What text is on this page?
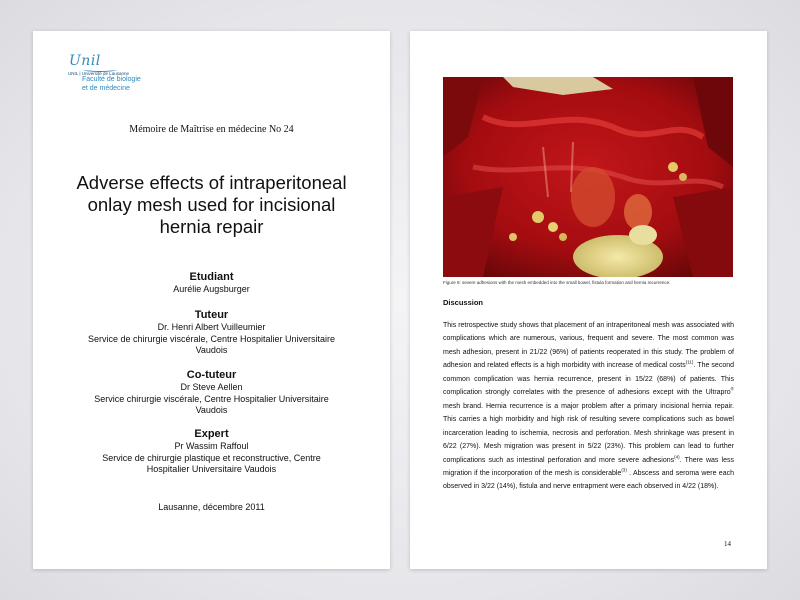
Unil
UNIL | Université de Lausanne
Faculté de biologie
et de médecine
Mémoire de Maîtrise en médecine No 24
Adverse effects of intraperitoneal
onlay mesh used for incisional
hernia repair
Etudiant
Aurélie Augsburger
Tuteur
Dr. Henri Albert Vuilleumier
Service de chirurgie viscérale, Centre Hospitalier Universitaire
Vaudois
Co-tuteur
Dr Steve Aellen
Service chirurgie viscérale, Centre Hospitalier Universitaire
Vaudois
Expert
Pr Wassim Raffoul
Service de chirurgie plastique et reconstructive, Centre
Hospitalier Universitaire Vaudois
Lausanne, décembre 2011
Figure 8: severe adhesions with the mesh embedded into the small bowel, fistula formation and hernia recurrence.
Discussion
This retrospective study shows that placement of an intraperitoneal mesh was associated with complications which are numerous, various, frequent and severe. The most common was mesh adhesion, present in 21/22 (96%) of patients reoperated in this study. The problem of adhesion and related effects is a high morbidity with increase of medical costs$^{(11)}$. The second common complication was hernia recurrence, present in 15/22 (68%) of patients. This complication strongly correlates with the presence of adhesions except with the Ultrapro® mesh brand. Hernia recurrence is a major problem after a primary incisional hernia repair. This carries a high morbidity and high risk of resulting severe complications such as bowel incarceration leading to ischemia, necrosis and perforation. Mesh shrinkage was present in 6/22 (27%). Mesh migration was present in 5/22 (23%). This problem can lead to further complications such as intestinal perforation and more severe adhesions$^{(4)}$. There was less migration if the incorporation of the mesh is considerable$^{(3)}$ . Abscess and seroma were each observed in 3/22 (14%), fistula and nerve entrapment were each observed in 4/22 (18%).
14
